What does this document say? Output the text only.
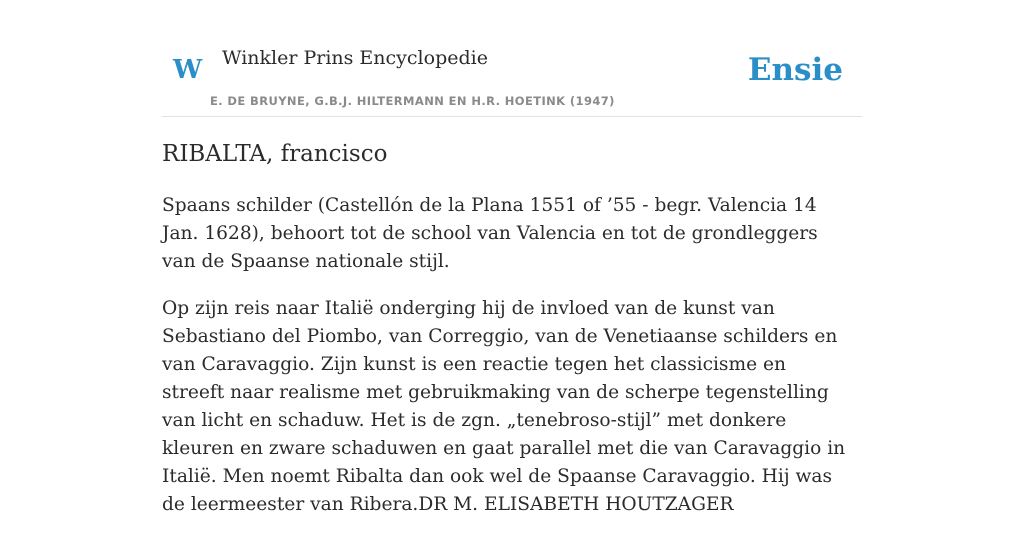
W Winkler Prins Encyclopedie	Ensie
E. DE BRUYNE, G.B.J. HILTERMANN EN H.R. HOETINK (1947)
RIBALTA, francisco

Spaans schilder (Castellón de la Plana 1551 of ’55 - begr. Valencia 14 Jan. 1628), behoort tot de school van Valencia en tot de grondleggers van de Spaanse nationale stijl.

Op zijn reis naar Italië onderging hij de invloed van de kunst van Sebastiano del Piombo, van Correggio, van de Venetiaanse schilders en van Caravaggio. Zijn kunst is een reactie tegen het classicisme en streeft naar realisme met gebruikmaking van de scherpe tegenstelling van licht en schaduw. Het is de zgn. „tenebroso-stijl” met donkere kleuren en zware schaduwen en gaat parallel met die van Caravaggio in Italië. Men noemt Ribalta dan ook wel de Spaanse Caravaggio. Hij was de leermeester van Ribera.DR M. ELISABETH HOUTZAGER
